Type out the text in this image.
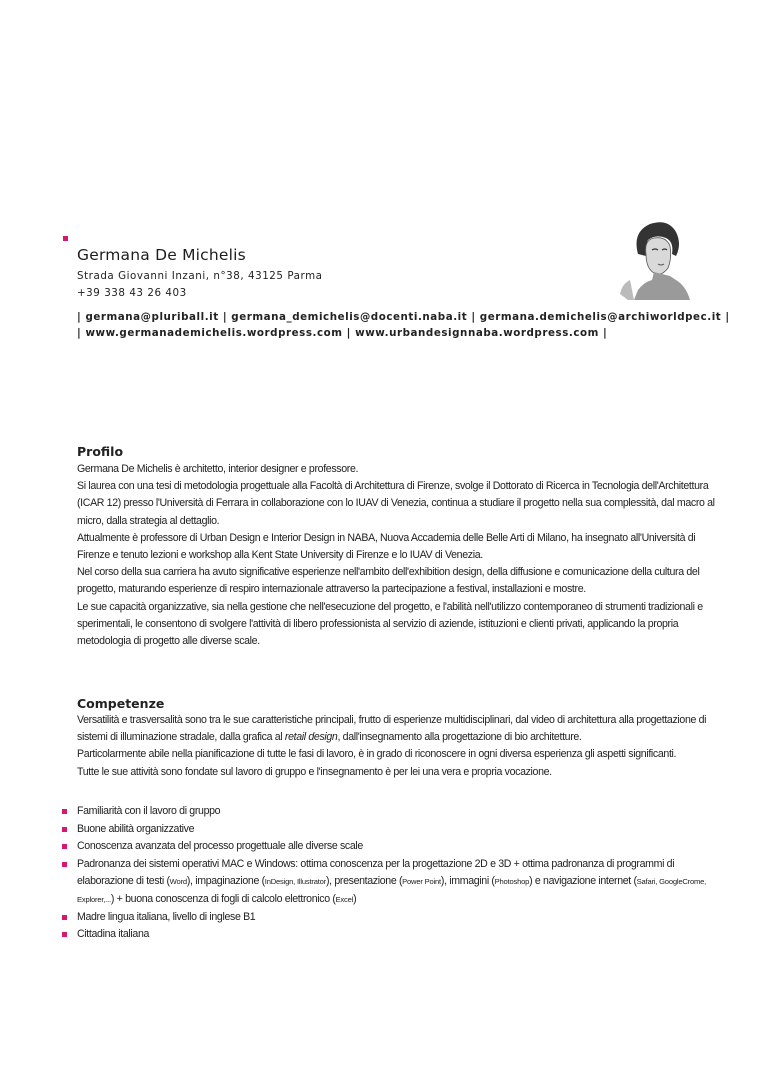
Germana De Michelis
Strada Giovanni Inzani, n°38, 43125 Parma
+39 338 43 26 403
| germana@pluriball.it | germana_demichelis@docenti.naba.it | germana.demichelis@archiworldpec.it |
| www.germanademichelis.wordpress.com | www.urbandesignnaba.wordpress.com |
Profilo

Germana De Michelis è architetto, interior designer e professore.

Si laurea con una tesi di metodologia progettuale alla Facoltà di Architettura di Firenze, svolge il Dottorato di Ricerca in Tecnologia dell'Architettura (ICAR 12) presso l'Università di Ferrara in collaborazione con lo IUAV di Venezia, continua a studiare il progetto nella sua complessità, dal macro al micro, dalla strategia al dettaglio.

Attualmente è professore di Urban Design e Interior Design in NABA, Nuova Accademia delle Belle Arti di Milano, ha insegnato all'Università di Firenze e tenuto lezioni e workshop alla Kent State University di Firenze e lo IUAV di Venezia.

Nel corso della sua carriera ha avuto significative esperienze nell'ambito dell'exhibition design, della diffusione e comunicazione della cultura del progetto, maturando esperienze di respiro internazionale attraverso la partecipazione a festival, installazioni e mostre.

Le sue capacità organizzative, sia nella gestione che nell'esecuzione del progetto, e l'abilità nell'utilizzo contemporaneo di strumenti tradizionali e sperimentali, le consentono di svolgere l'attività di libero professionista al servizio di aziende, istituzioni e clienti privati, applicando la propria metodologia di progetto alle diverse scale.

Competenze

Versatilità e trasversalità sono tra le sue caratteristiche principali, frutto di esperienze multidisciplinari, dal video di architettura alla progettazione di sistemi di illuminazione stradale, dalla grafica al retail design, dall'insegnamento alla progettazione di bio architetture.

Particolarmente abile nella pianificazione di tutte le fasi di lavoro, è in grado di riconoscere in ogni diversa esperienza gli aspetti significanti.

Tutte le sue attività sono fondate sul lavoro di gruppo e l'insegnamento è per lei una vera e propria vocazione.

Familiarità con il lavoro di gruppo
Buone abilità organizzative
Conoscenza avanzata del processo progettuale alle diverse scale
Padronanza dei sistemi operativi MAC e Windows: ottima conoscenza per la progettazione 2D e 3D + ottima padronanza di programmi di elaborazione di testi (Word), impaginazione (InDesign, Illustrator), presentazione (Power Point), immagini (Photoshop) e navigazione internet (Safari, GoogleCrome, Explorer,...) + buona conoscenza di fogli di calcolo elettronico (Excel)
Madre lingua italiana, livello di inglese B1
Cittadina italiana
